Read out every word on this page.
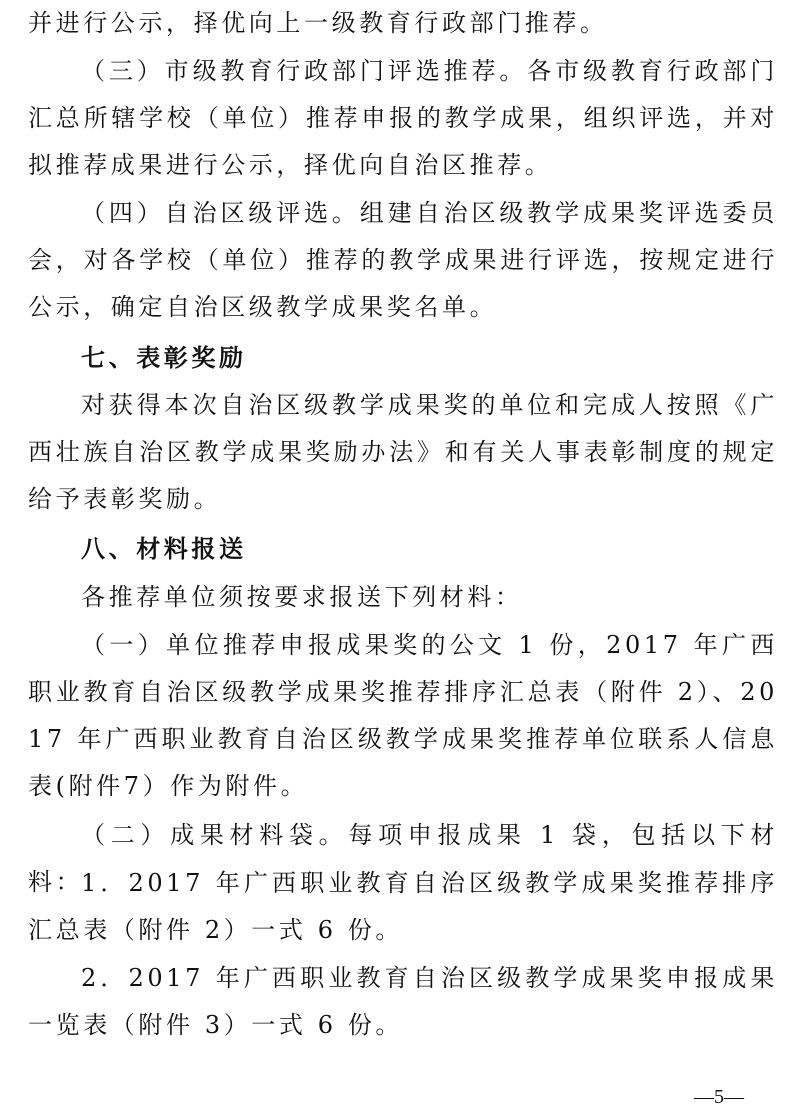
并进行公示，择优向上一级教育行政部门推荐。

（三）市级教育行政部门评选推荐。各市级教育行政部门汇总所辖学校（单位）推荐申报的教学成果，组织评选，并对拟推荐成果进行公示，择优向自治区推荐。

（四）自治区级评选。组建自治区级教学成果奖评选委员会，对各学校（单位）推荐的教学成果进行评选，按规定进行公示，确定自治区级教学成果奖名单。

七、表彰奖励

对获得本次自治区级教学成果奖的单位和完成人按照《广西壮族自治区教学成果奖励办法》和有关人事表彰制度的规定给予表彰奖励。

八、材料报送

各推荐单位须按要求报送下列材料：

（一）单位推荐申报成果奖的公文 1 份，2017 年广西职业教育自治区级教学成果奖推荐排序汇总表（附件 2）、2017 年广西职业教育自治区级教学成果奖推荐单位联系人信息表(附件7）作为附件。

（二）成果材料袋。每项申报成果 1 袋，包括以下材料：

1．2017 年广西职业教育自治区级教学成果奖推荐排序汇总表（附件 2）一式 6 份。

2．2017 年广西职业教育自治区级教学成果奖申报成果一览表（附件 3）一式 6 份。

—5—
